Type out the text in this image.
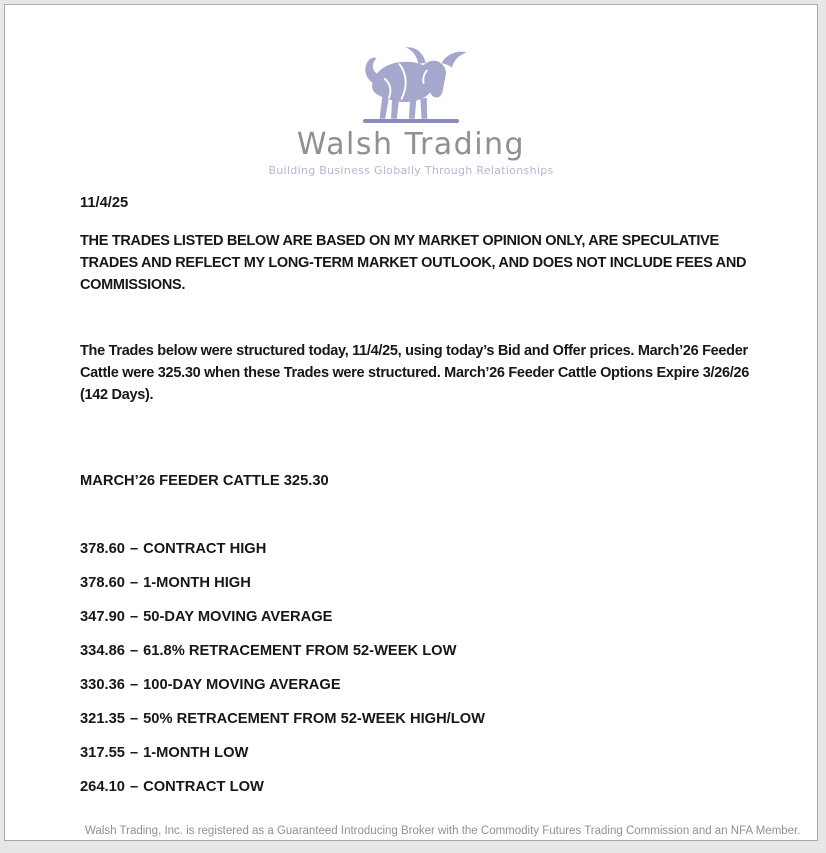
Walsh Trading
Building Business Globally Through Relationships

11/4/25

THE TRADES LISTED BELOW ARE BASED ON MY MARKET OPINION ONLY, ARE SPECULATIVE TRADES AND REFLECT MY LONG-TERM MARKET OUTLOOK, AND DOES NOT INCLUDE FEES AND COMMISSIONS.

The Trades below were structured today, 11/4/25, using today’s Bid and Offer prices. March’26 Feeder Cattle were 325.30 when these Trades were structured. March’26 Feeder Cattle Options Expire 3/26/26 (142 Days).

MARCH’26 FEEDER CATTLE 325.30

378.60 – CONTRACT HIGH

378.60 – 1-MONTH HIGH

347.90 – 50-DAY MOVING AVERAGE

334.86 – 61.8% RETRACEMENT FROM 52-WEEK LOW

330.36 – 100-DAY MOVING AVERAGE

321.35 – 50% RETRACEMENT FROM 52-WEEK HIGH/LOW

317.55 – 1-MONTH LOW

264.10 – CONTRACT LOW

Walsh Trading, Inc. is registered as a Guaranteed Introducing Broker with the Commodity Futures Trading Commission and an NFA Member.
